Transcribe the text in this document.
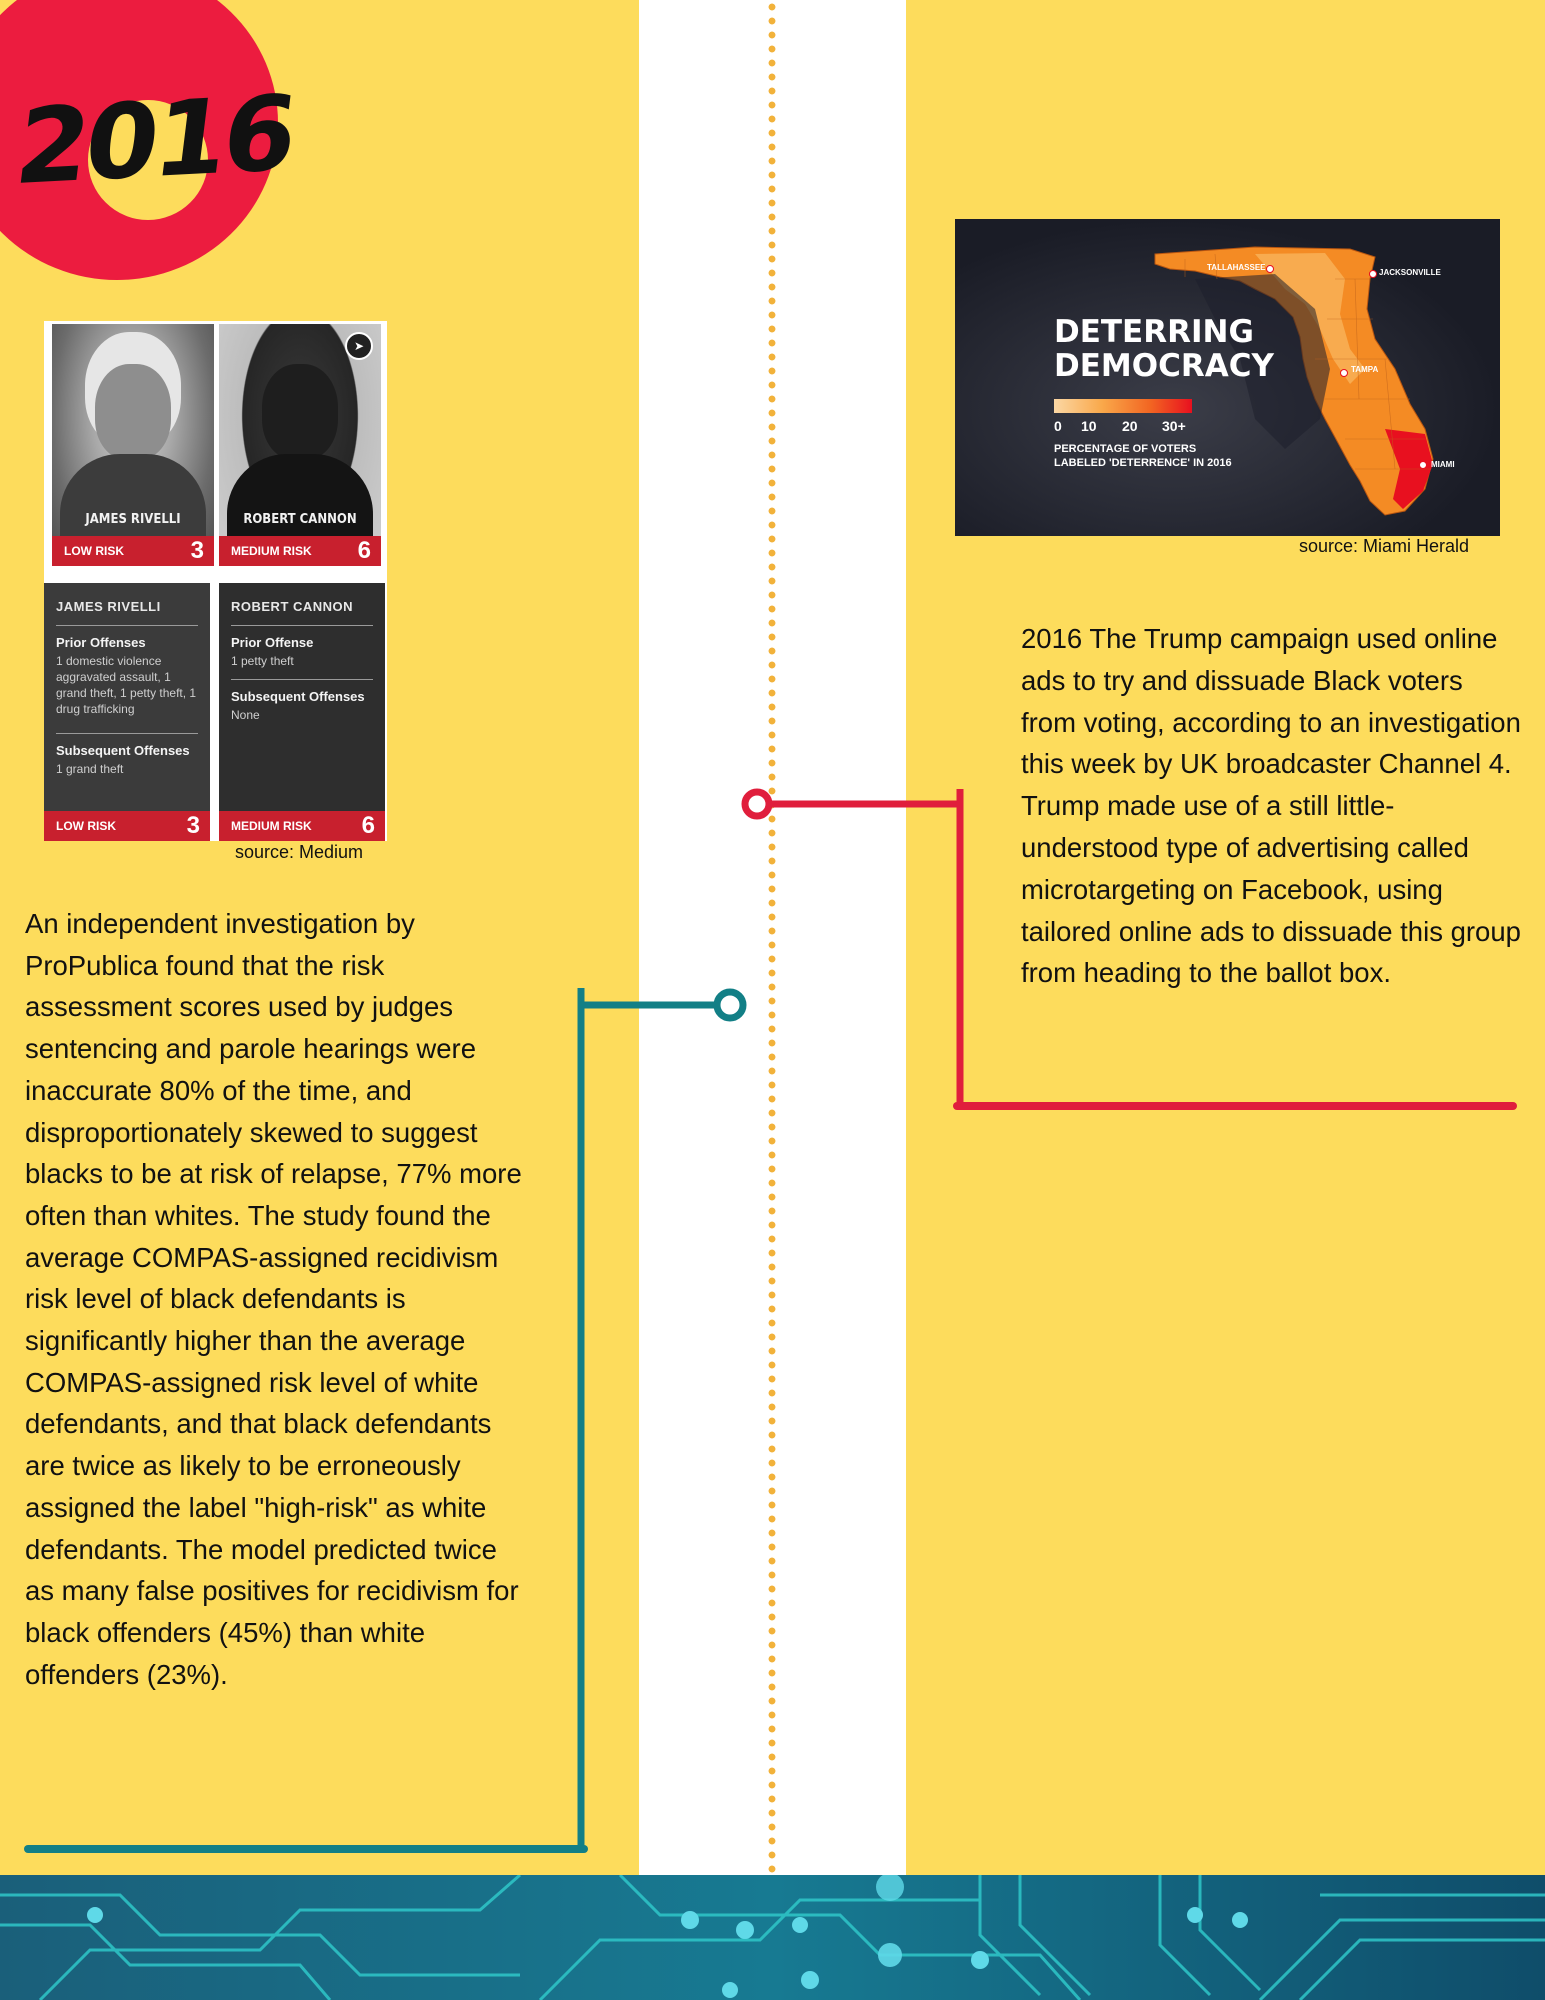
2016
JAMES RIVELLI
LOW RISK	3
➤
ROBERT CANNON
MEDIUM RISK 6
JAMES RIVELLI
Prior Offenses
1 domestic violence aggravated assault, 1 grand theft, 1 petty theft, 1 drug trafficking
Subsequent Offenses
1 grand theft
LOW RISK	3
ROBERT CANNON
Prior Offense
1 petty theft
Subsequent Offenses
None
MEDIUM RISK 6
source: Medium
DETERRING
DEMOCRACY
0 10 20 30+
PERCENTAGE OF VOTERS
LABELED 'DETERRENCE' IN 2016
TALLAHASSEE
JACKSONVILLE
TAMPA
MIAMI
source: Miami Herald
2016 The Trump campaign used online ads to try and dissuade Black voters from voting, according to an investigation this week by UK broadcaster Channel 4. Trump made use of a still little-understood type of advertising called microtargeting on Facebook, using tailored online ads to dissuade this group from heading to the ballot box.
An independent investigation by ProPublica found that the risk assessment scores used by judges sentencing and parole hearings were inaccurate 80% of the time, and disproportionately skewed to suggest blacks to be at risk of relapse, 77% more often than whites. The study found the average COMPAS-assigned recidivism risk level of black defendants is significantly higher than the average COMPAS-assigned risk level of white defendants, and that black defendants are twice as likely to be erroneously assigned the label "high-risk" as white defendants. The model predicted twice as many false positives for recidivism for black offenders (45%) than white offenders (23%).
